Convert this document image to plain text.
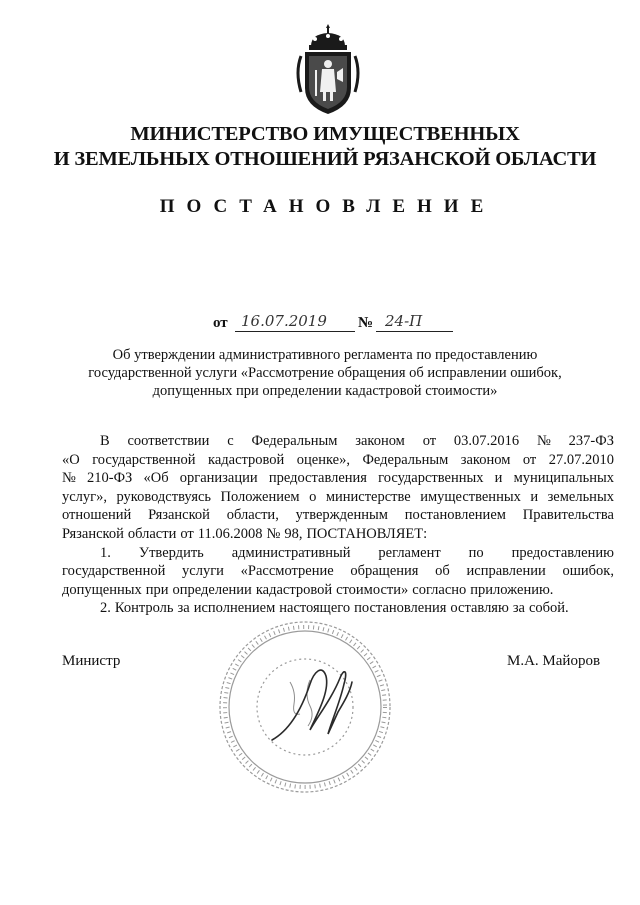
МИНИСТЕРСТВО ИМУЩЕСТВЕННЫХ
И ЗЕМЕЛЬНЫХ ОТНОШЕНИЙ РЯЗАНСКОЙ ОБЛАСТИ
ПОСТАНОВЛЕНИЕ
от 16.07.2019 № 24-П
Об утверждении административного регламента по предоставлению
государственной услуги «Рассмотрение обращения об исправлении ошибок,
допущенных при определении кадастровой стоимости»
В соответствии с Федеральным законом от 03.07.2016 № 237-ФЗ
«О государственной кадастровой оценке», Федеральным законом от 27.07.2010
№ 210-ФЗ «Об организации предоставления государственных и муниципальных
услуг», руководствуясь Положением о министерстве имущественных и земельных
отношений Рязанской области, утвержденным постановлением Правительства
Рязанской области от 11.06.2008 № 98, ПОСТАНОВЛЯЕТ:
1. Утвердить административный регламент по предоставлению
государственной услуги «Рассмотрение обращения об исправлении ошибок,
допущенных при определении кадастровой стоимости» согласно приложению.
2. Контроль за исполнением настоящего постановления оставляю за собой.
Министр	М.А. Майоров
